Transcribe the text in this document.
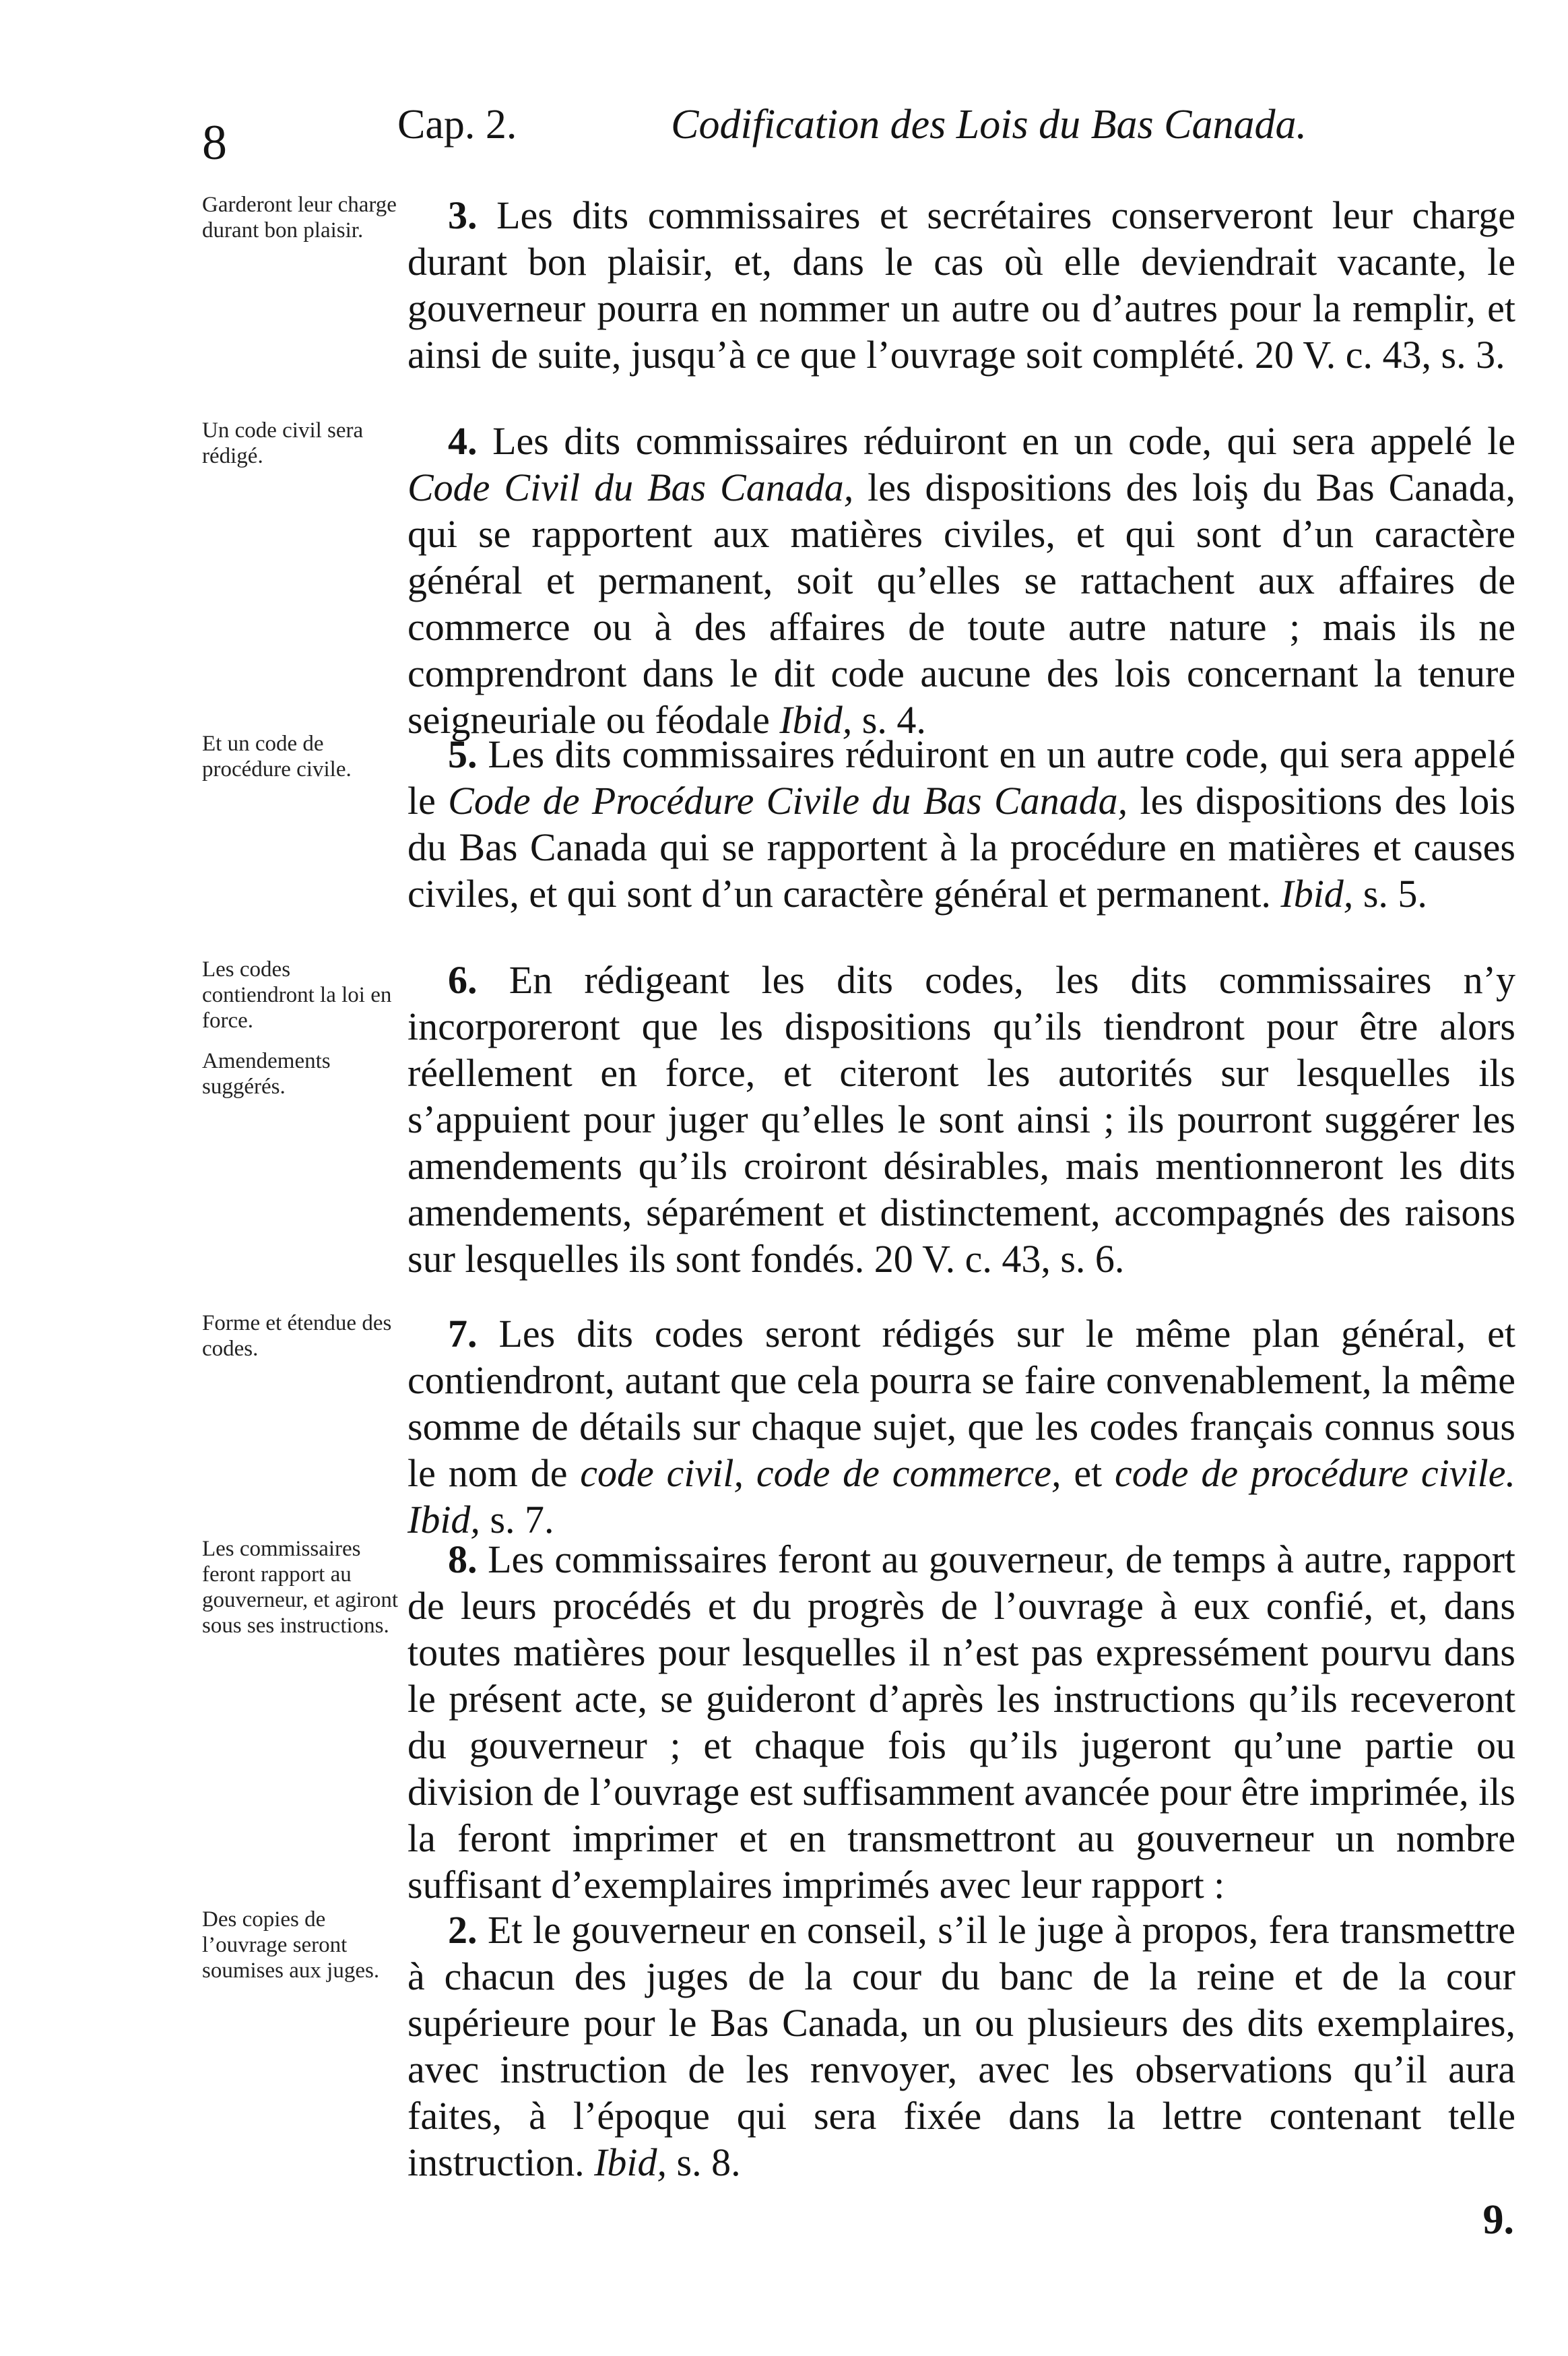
8	Cap. 2.	Codification des Lois du Bas Canada.
Garderont leur charge durant bon plaisir.	3. Les dits commissaires et secrétaires conserveront leur charge durant bon plaisir, et, dans le cas où elle deviendrait vacante, le gouverneur pourra en nommer un autre ou d’autres pour la remplir, et ainsi de suite, jusqu’à ce que l’ouvrage soit complété. 20 V. c. 43, s. 3.
Un code civil sera rédigé.	4. Les dits commissaires réduiront en un code, qui sera appelé le Code Civil du Bas Canada, les dispositions des loiş du Bas Canada, qui se rapportent aux matières civiles, et qui sont d’un caractère général et permanent, soit qu’elles se rattachent aux affaires de commerce ou à des affaires de toute autre nature ; mais ils ne comprendront dans le dit code aucune des lois concernant la tenure seigneuriale ou féodale Ibid, s. 4.
Et un code de procédure civile.	5. Les dits commissaires réduiront en un autre code, qui sera appelé le Code de Procédure Civile du Bas Canada, les dispositions des lois du Bas Canada qui se rapportent à la procédure en matières et causes civiles, et qui sont d’un caractère général et permanent. Ibid, s. 5.
Les codes contiendront la loi en force.
Amendements suggérés.
6. En rédigeant les dits codes, les dits commissaires n’y incorporeront que les dispositions qu’ils tiendront pour être alors réellement en force, et citeront les autorités sur lesquelles ils s’appuient pour juger qu’elles le sont ainsi ; ils pourront suggérer les amendements qu’ils croiront désirables, mais mentionneront les dits amendements, séparément et distinctement, accompagnés des raisons sur lesquelles ils sont fondés. 20 V. c. 43, s. 6.
Forme et étendue des codes.	7. Les dits codes seront rédigés sur le même plan général, et contiendront, autant que cela pourra se faire convenablement, la même somme de détails sur chaque sujet, que les codes français connus sous le nom de code civil, code de commerce, et code de procédure civile. Ibid, s. 7.
Les commissaires feront rapport au gouverneur, et agiront sous ses instructions.
8. Les commissaires feront au gouverneur, de temps à autre, rapport de leurs procédés et du progrès de l’ouvrage à eux confié, et, dans toutes matières pour lesquelles il n’est pas expressément pourvu dans le présent acte, se guideront d’après les instructions qu’ils receveront du gouverneur ; et chaque fois qu’ils jugeront qu’une partie ou division de l’ouvrage est suffisamment avancée pour être imprimée, ils la feront imprimer et en transmettront au gouverneur un nombre suffisant d’exemplaires imprimés avec leur rapport :
Des copies de l’ouvrage seront soumises aux juges.
2. Et le gouverneur en conseil, s’il le juge à propos, fera transmettre à chacun des juges de la cour du banc de la reine et de la cour supérieure pour le Bas Canada, un ou plusieurs des dits exemplaires, avec instruction de les renvoyer, avec les observations qu’il aura faites, à l’époque qui sera fixée dans la lettre contenant telle instruction. Ibid, s. 8.
9.
